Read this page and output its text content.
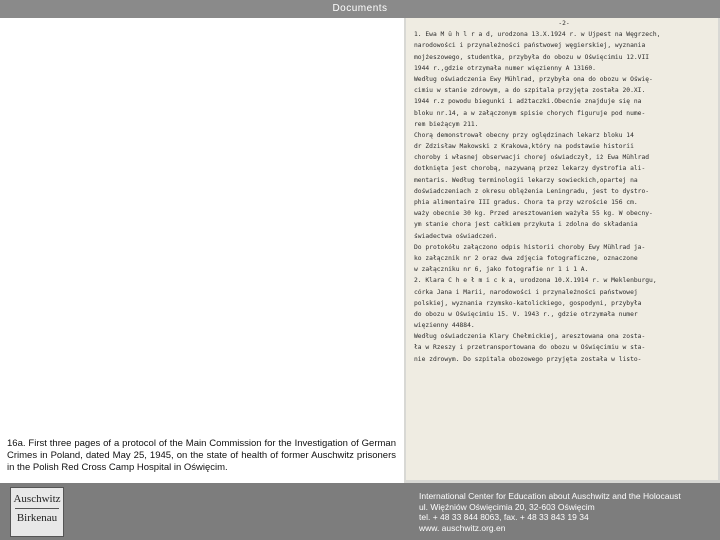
Documents
16a. First three pages of a protocol of the Main Commission for the Investigation of German Crimes in Poland, dated May 25, 1945, on the state of health of former Auschwitz prisoners in the Polish Red Cross Camp Hospital in Oświęcim.
-2-
1. Ewa M ü h l r a d, urodzona 13.X.1924 r. w Ujpest na Węgrzech,
narodowości i przynależności państwowej węgierskiej, wyznania
mojżeszowego, studentka, przybyła do obozu w Oświęcimiu 12.VII
1944 r.,gdzie otrzymała numer więzienny A 13160.
Według oświadczenia Ewy Mühlrad, przybyła ona do obozu w Oświę-
cimiu w stanie zdrowym, a do szpitala przyjęta została 20.XI.
1944 r.z powodu biegunki i adżtaczki.Obecnie znajduje się na
bloku nr.14, a w załączonym spisie chorych figuruje pod nume-
rem bieżącym 211.
Chorą demonstrował obecny przy oględzinach lekarz bloku 14
dr Zdzisław Makowski z Krakowa,który na podstawie historii
choroby i własnej obserwacji chorej oświadczył, iż Ewa Mühlrad
dotknięta jest chorobą, nazywaną przez lekarzy dystrofia ali-
mentaris. Według terminologii lekarzy sowieckich,opartej na
doświadczeniach z okresu oblężenia Leningradu, jest to dystro-
phia alimentaire III gradus. Chora ta przy wzroście 156 cm.
waży obecnie 30 kg. Przed aresztowaniem ważyła 55 kg. W obecny-
ym stanie chora jest całkiem przykuta i zdolna do składania
świadectwa oświadczeń.
Do protokółu załączono odpis historii choroby Ewy Mühlrad ja-
ko załącznik nr 2 oraz dwa zdjęcia fotograficzne, oznaczone
w załączniku nr 6, jako fotografie nr 1 i 1 A.
2. Klara C h e ł m i c k a, urodzona 10.X.1914 r. w Meklenburgu,
córka Jana i Marii, narodowości i przynależności państwowej
polskiej, wyznania rzymsko-katolickiego, gospodyni, przybyła
do obozu w Oświęcimiu 15. V. 1943 r., gdzie otrzymała numer
więzienny 44884.
Według oświadczenia Klary Chełmickiej, aresztowana ona zosta-
ła w Rzeszy i przetransportowana do obozu w Oświęcimiu w sta-
nie zdrowym. Do szpitala obozowego przyjęta została w listo-
Auschwitz
Birkenau
International Center for Education about Auschwitz and the Holocaust
ul. Więźniów Oświęcimia 20, 32-603 Oświęcim
tel. + 48 33 844 8063, fax. + 48 33 843 19 34
www. auschwitz.org.en
